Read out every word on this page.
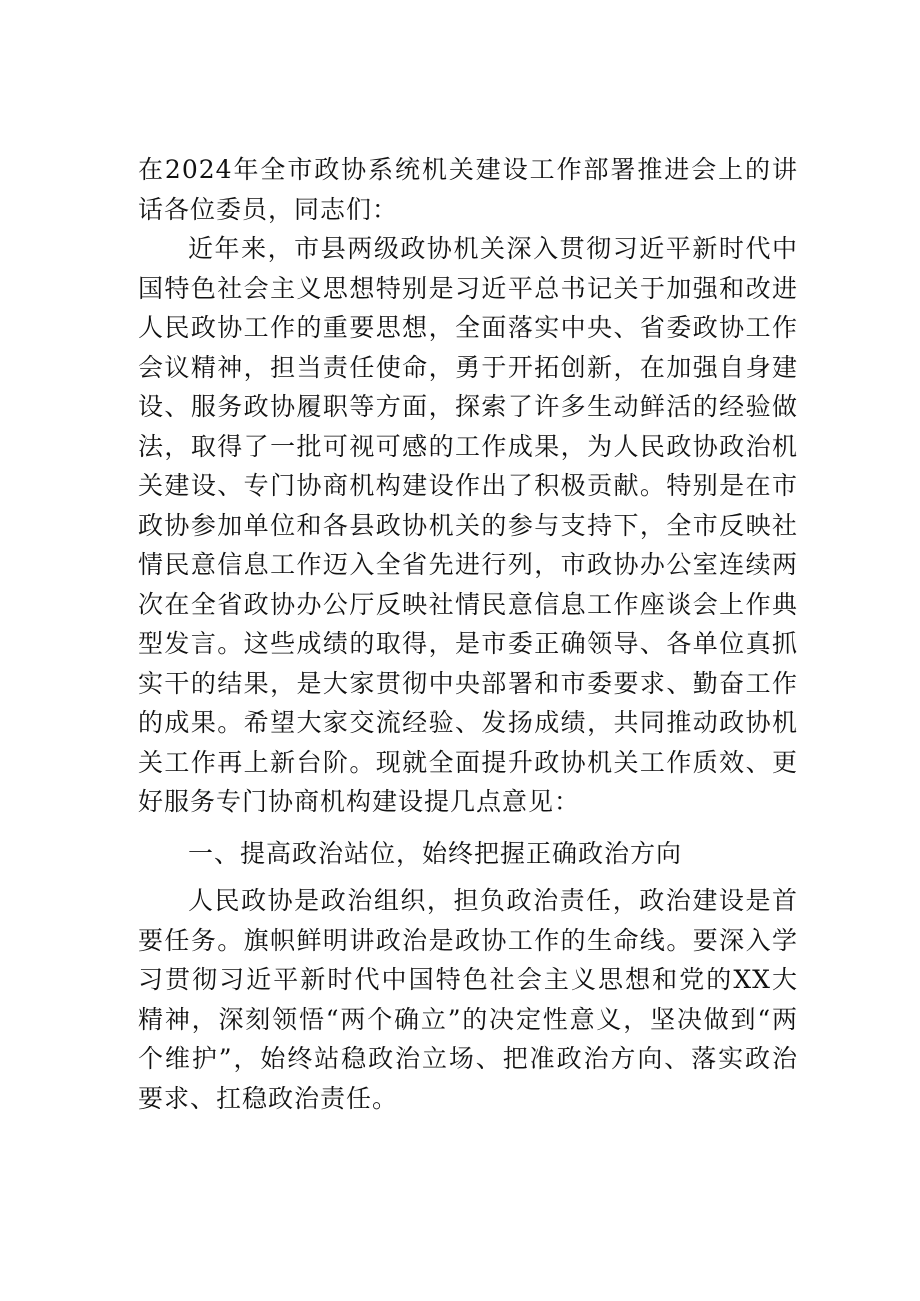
在2024年全市政协系统机关建设工作部署推进会上的讲话各位委员，同志们：

近年来，市县两级政协机关深入贯彻习近平新时代中国特色社会主义思想特别是习近平总书记关于加强和改进人民政协工作的重要思想，全面落实中央、省委政协工作会议精神，担当责任使命，勇于开拓创新，在加强自身建设、服务政协履职等方面，探索了许多生动鲜活的经验做法，取得了一批可视可感的工作成果，为人民政协政治机关建设、专门协商机构建设作出了积极贡献。特别是在市政协参加单位和各县政协机关的参与支持下，全市反映社情民意信息工作迈入全省先进行列，市政协办公室连续两次在全省政协办公厅反映社情民意信息工作座谈会上作典型发言。这些成绩的取得，是市委正确领导、各单位真抓实干的结果，是大家贯彻中央部署和市委要求、勤奋工作的成果。希望大家交流经验、发扬成绩，共同推动政协机关工作再上新台阶。现就全面提升政协机关工作质效、更好服务专门协商机构建设提几点意见：

一、提高政治站位，始终把握正确政治方向

人民政协是政治组织，担负政治责任，政治建设是首要任务。旗帜鲜明讲政治是政协工作的生命线。要深入学习贯彻习近平新时代中国特色社会主义思想和党的XX大精神，深刻领悟“两个确立”的决定性意义，坚决做到“两个维护”，始终站稳政治立场、把准政治方向、落实政治要求、扛稳政治责任。
